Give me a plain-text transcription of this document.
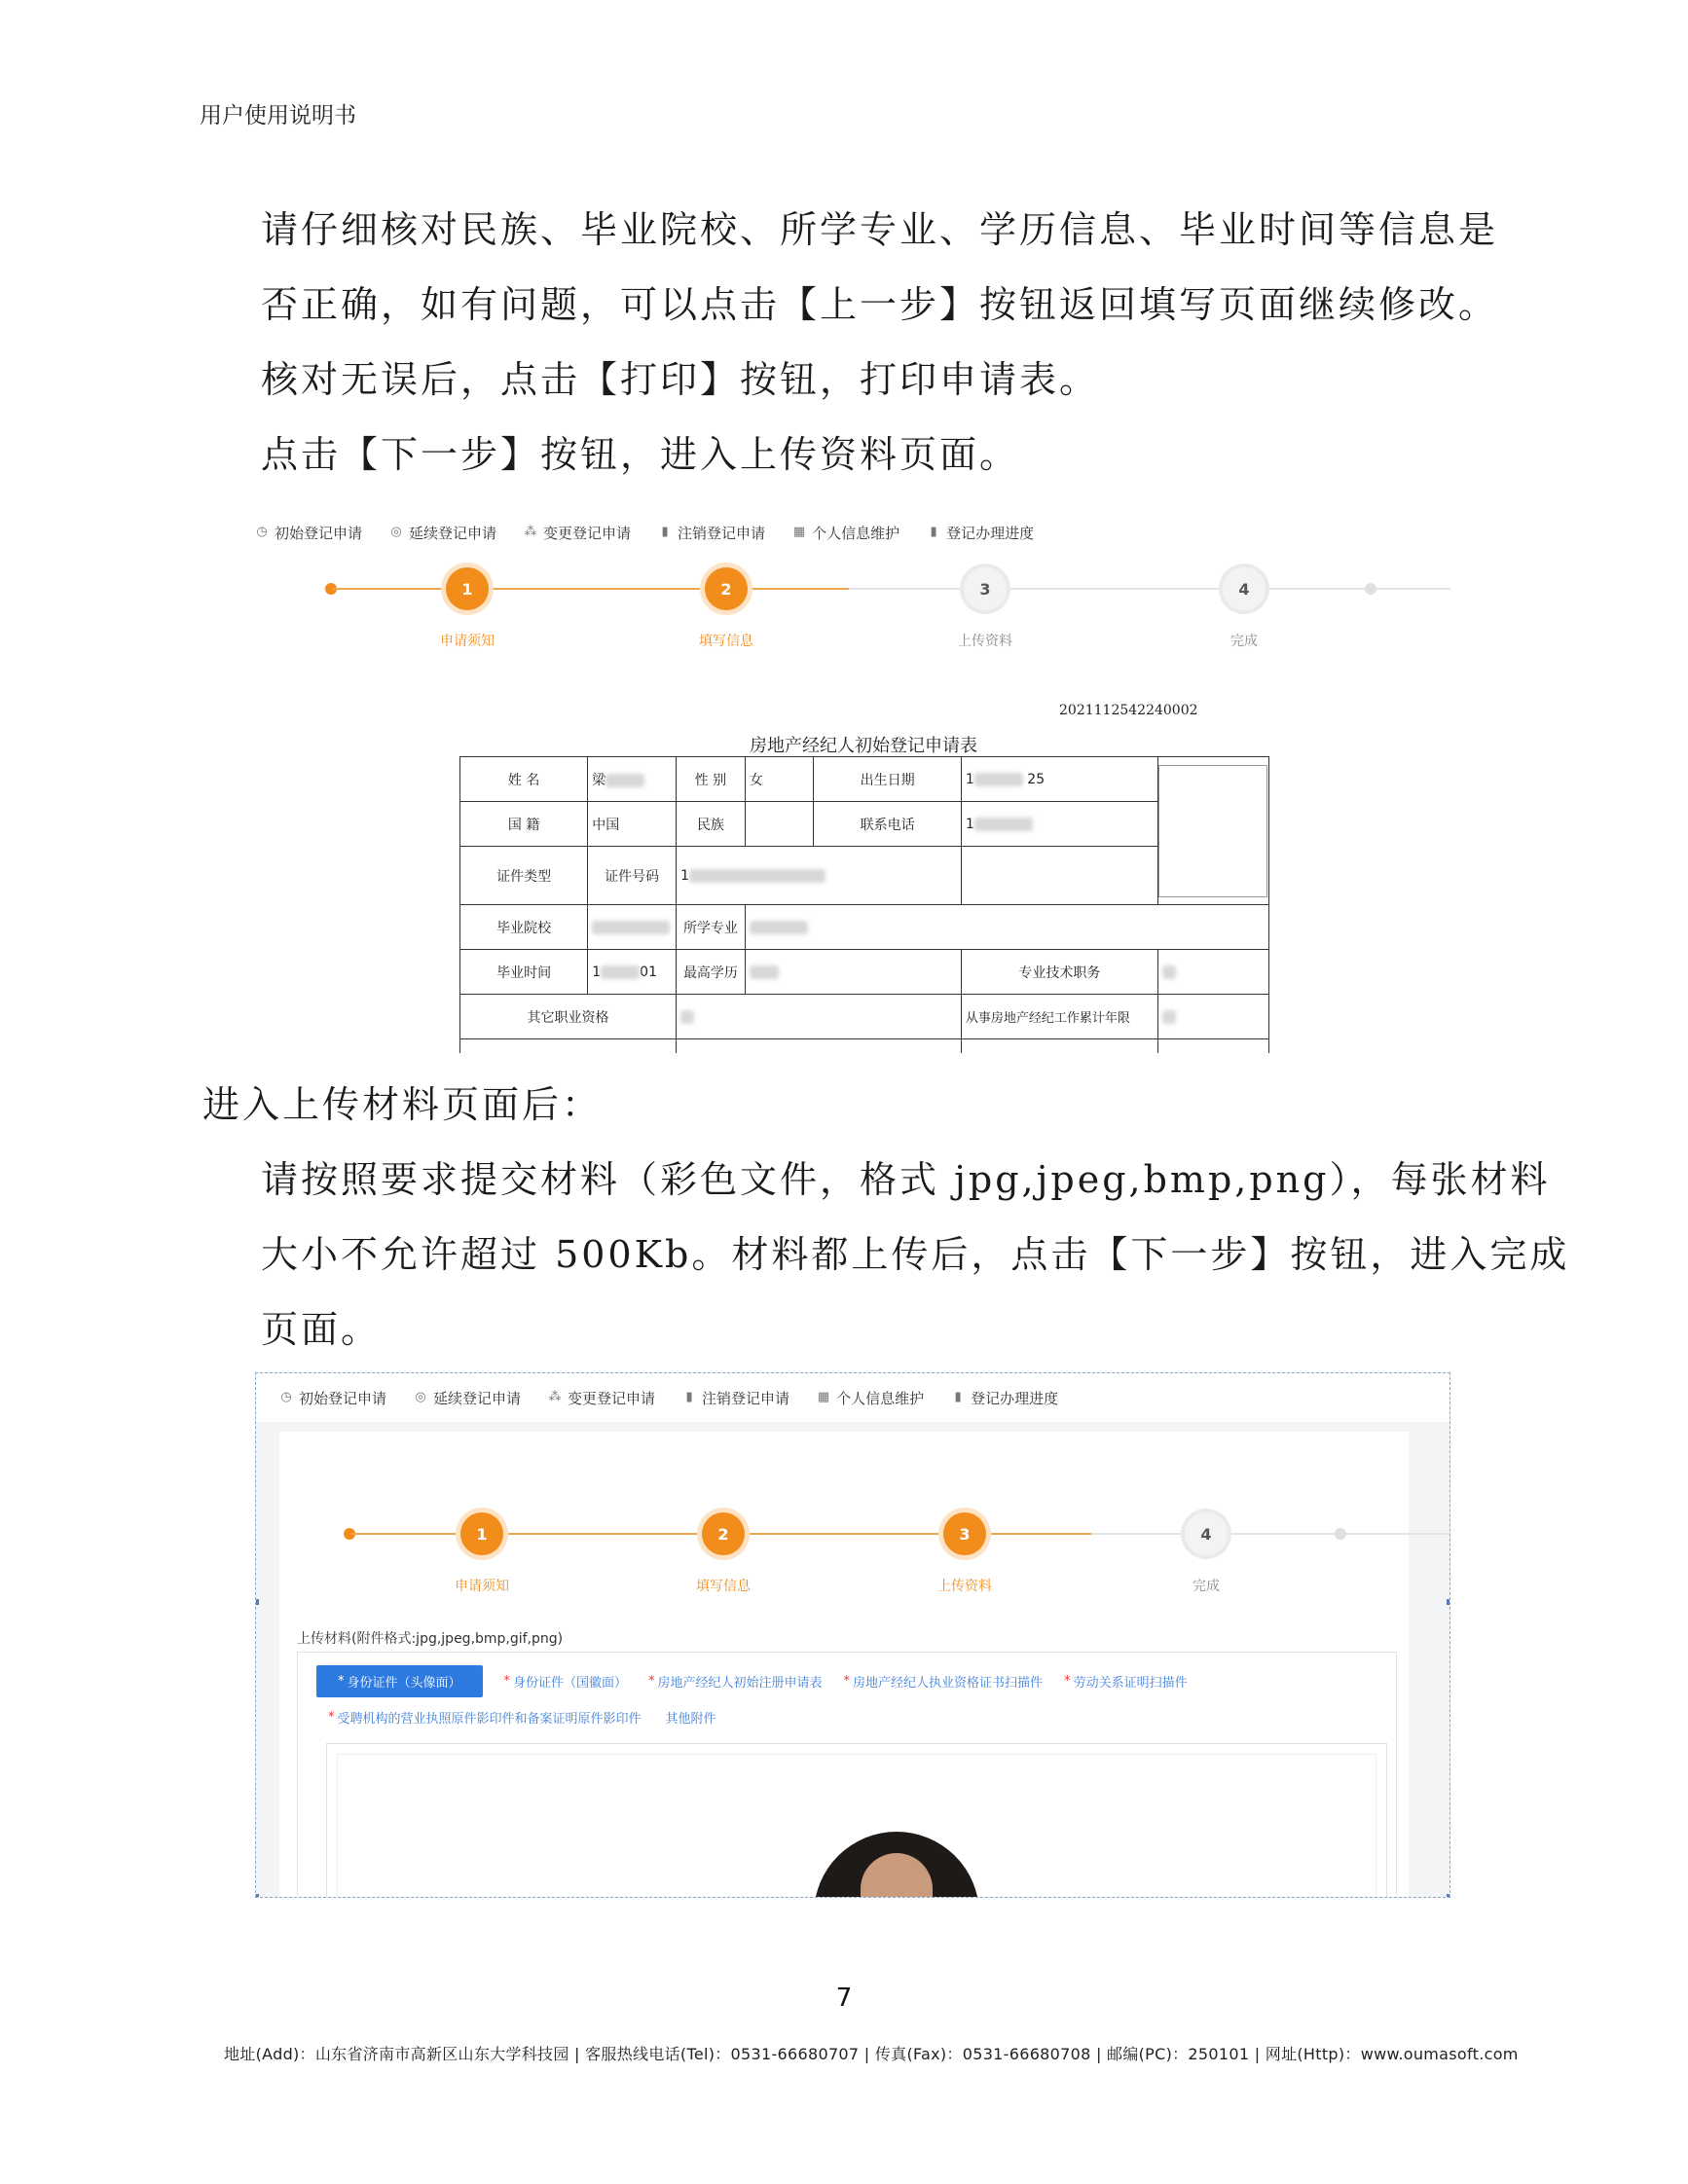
用户使用说明书
请仔细核对民族、毕业院校、所学专业、学历信息、毕业时间等信息是
否正确，如有问题，可以点击【上一步】按钮返回填写页面继续修改。
核对无误后，点击【打印】按钮，打印申请表。
点击【下一步】按钮，进入上传资料页面。
◷ 初始登记申请 ◎ 延续登记申请 ⁂ 变更登记申请 ▮ 注销登记申请 ▦ 个人信息维护 ▮ 登记办理进度
1	2	3	4
申请须知	填写信息	上传资料	完成
2021112542240002
房地产经纪人初始登记申请表
姓 名	梁	性 别	女	出生日期	1 25	

国 籍	中国	民族		联系电话	1	
证件类型	证件号码	1				
毕业院校		所学专业				
毕业时间	1 01	最高学历			专业技术职务	
其它职业资格					从事房地产经纪工作累计年限	

进入上传材料页面后：
请按照要求提交材料（彩色文件，格式 jpg,jpeg,bmp,png），每张材料
大小不允许超过 500Kb。材料都上传后，点击【下一步】按钮，进入完成
页面。
◷ 初始登记申请 ◎ 延续登记申请 ⁂ 变更登记申请 ▮ 注销登记申请 ▦ 个人信息维护 ▮ 登记办理进度
1	2	3	4
申请须知	填写信息	上传资料	完成
上传材料(附件格式:jpg,jpeg,bmp,gif,png)
* 身份证件（头像面）	* 身份证件（国徽面） * 房地产经纪人初始注册申请表 * 房地产经纪人执业资格证书扫描件 * 劳动关系证明扫描件
* 受聘机构的营业执照原件影印件和备案证明原件影印件 其他附件
7
地址(Add)：山东省济南市高新区山东大学科技园 | 客服热线电话(Tel)：0531-66680707 | 传真(Fax)：0531-66680708 | 邮编(PC)：250101 | 网址(Http)：www.oumasoft.com
